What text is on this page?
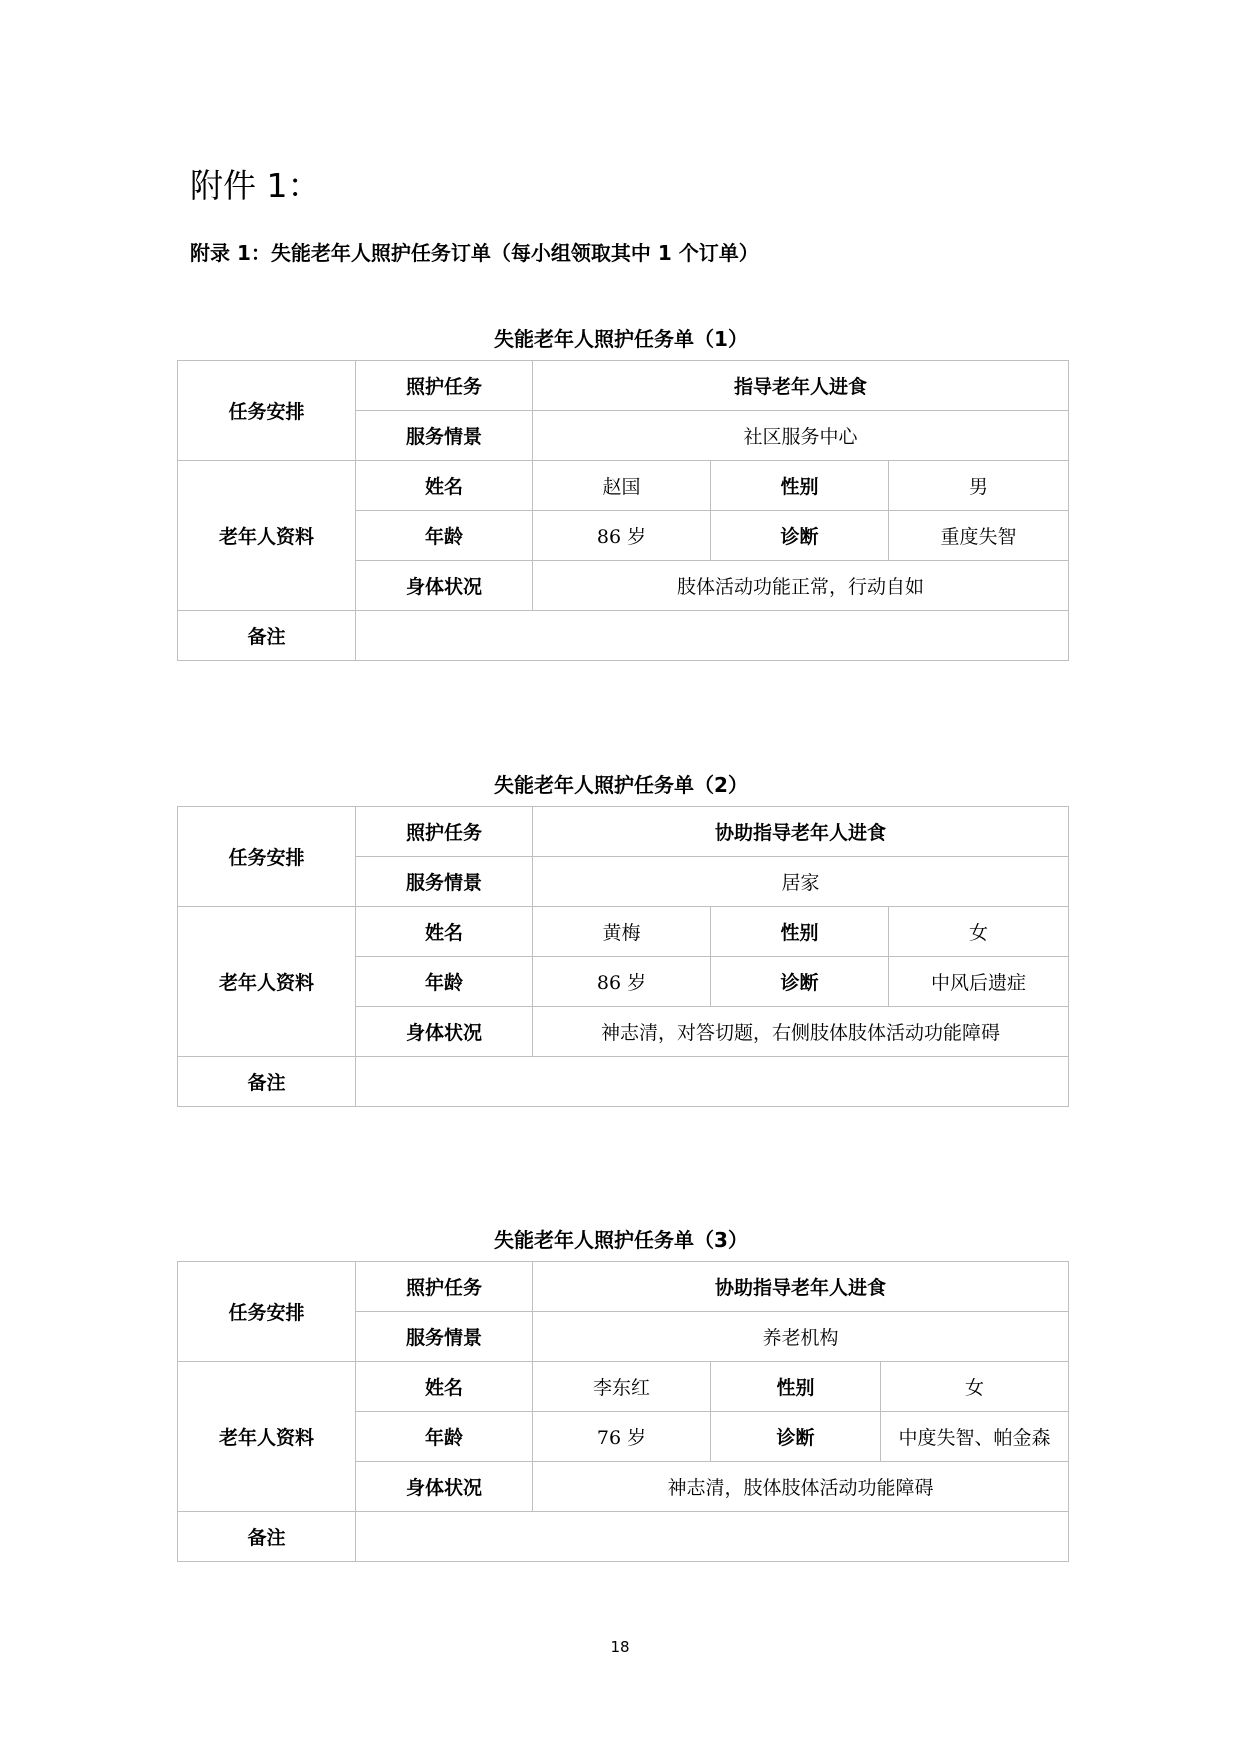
附件 1：
附录 1：失能老年人照护任务订单（每小组领取其中 1 个订单）
失能老年人照护任务单（1）
任务安排	照护任务	指导老年人进食		
	服务情景	社区服务中心		
老年人资料	姓名	赵国	性别	男
	年龄	86 岁	诊断	重度失智
	身体状况	肢体活动功能正常，行动自如		
备注				
失能老年人照护任务单（2）
任务安排	照护任务	协助指导老年人进食		
	服务情景	居家		
老年人资料	姓名	黄梅	性别	女
	年龄	86 岁	诊断	中风后遗症
	身体状况	神志清，对答切题，右侧肢体肢体活动功能障碍		
备注				
失能老年人照护任务单（3）
任务安排	照护任务	协助指导老年人进食		
	服务情景	养老机构		
老年人资料	姓名	李东红	性别	女
	年龄	76 岁	诊断	中度失智、帕金森
	身体状况	神志清，肢体肢体活动功能障碍		
备注				
18
